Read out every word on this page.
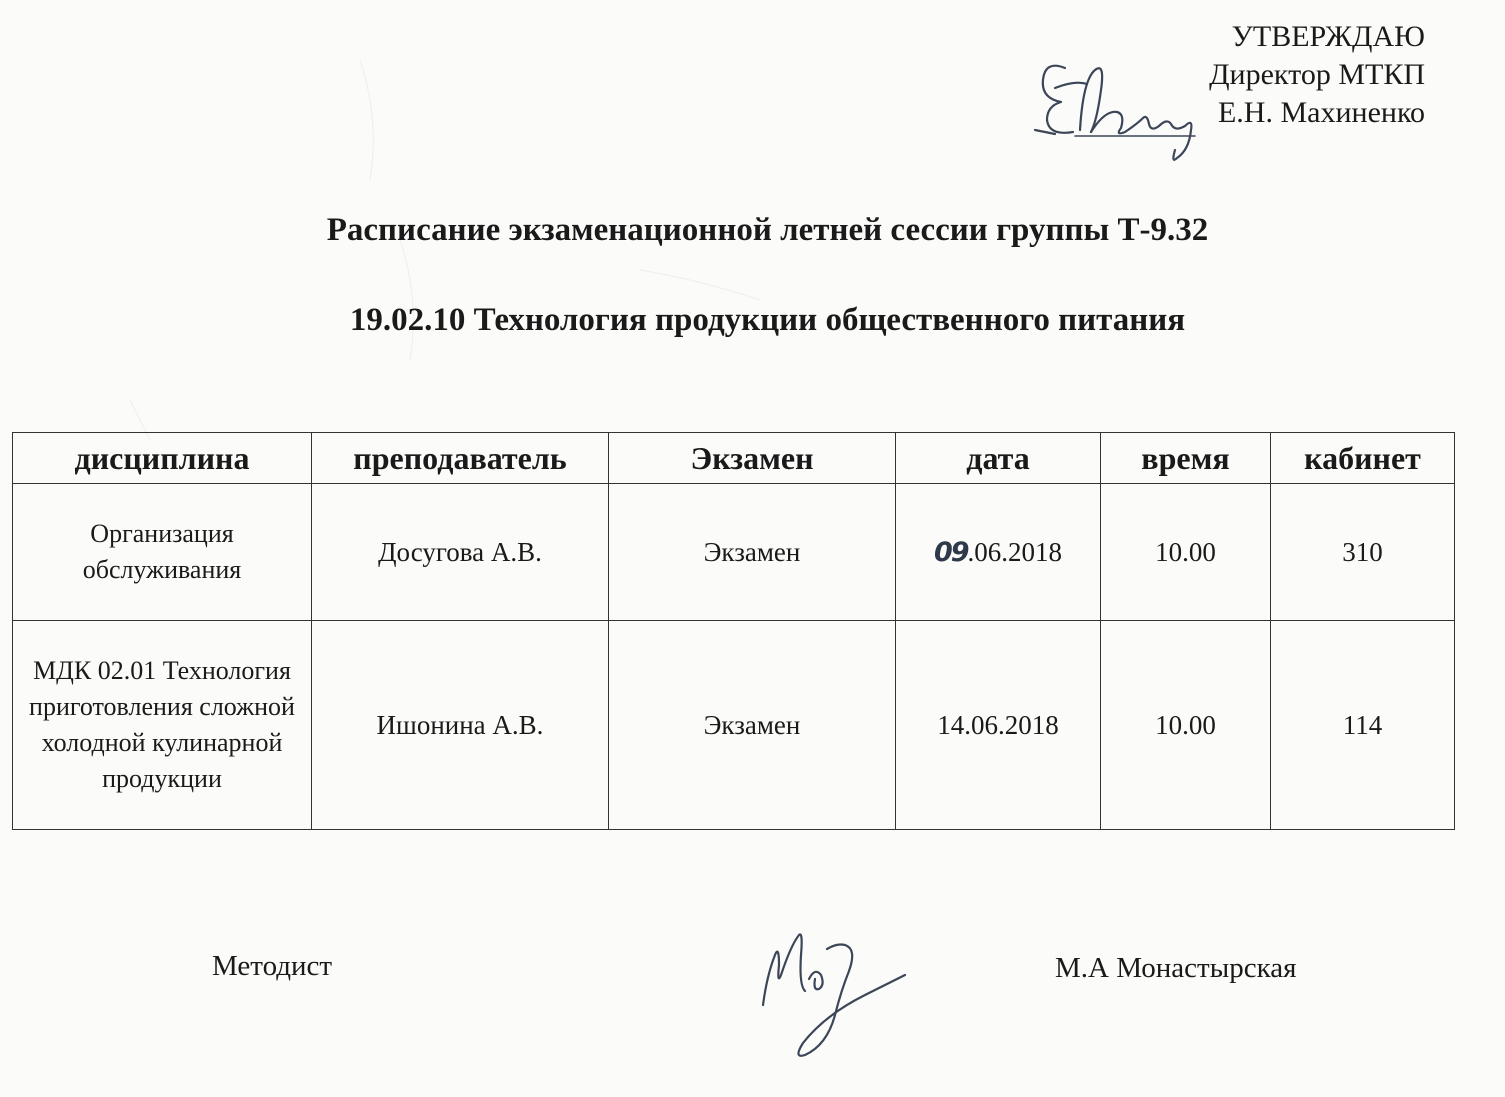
УТВЕРЖДАЮ
Директор МТКП
Е.Н. Махиненко
Расписание экзаменационной летней сессии группы Т-9.32
19.02.10 Технология продукции общественного питания
дисциплина	преподаватель	Экзамен	дата	время	кабинет
Организация обслуживания	Досугова А.В.	Экзамен	09.06.2018	10.00	310
МДК 02.01 Технология приготовления сложной холодной кулинарной продукции	Ишонина А.В.	Экзамен	14.06.2018	10.00	114
Методист	М.А Монастырская
